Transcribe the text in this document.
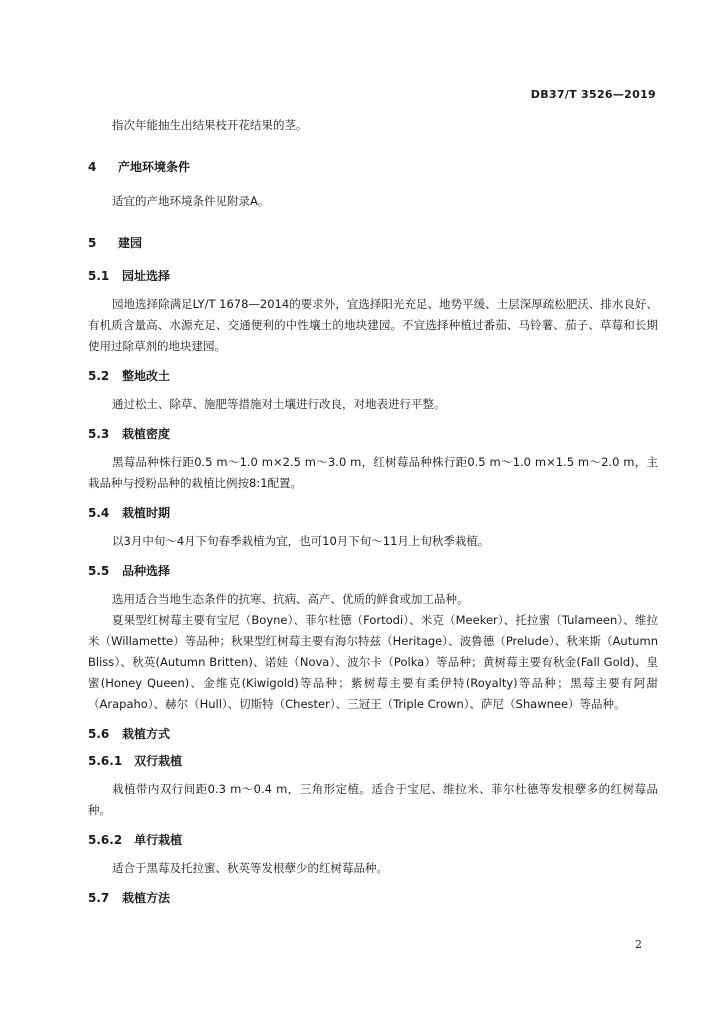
DB37/T 3526—2019

指次年能抽生出结果枝开花结果的茎。

4 产地环境条件

适宜的产地环境条件见附录A。

5 建园
5.1 园址选择

园地选择除满足LY/T 1678—2014的要求外，宜选择阳光充足、地势平缓、土层深厚疏松肥沃、排水良好、有机质含量高、水源充足、交通便利的中性壤土的地块建园。不宜选择种植过番茄、马铃薯、茄子、草莓和长期使用过除草剂的地块建园。

5.2 整地改土

通过松土、除草、施肥等措施对土壤进行改良，对地表进行平整。

5.3 栽植密度

黑莓品种株行距0.5 m～1.0 m×2.5 m～3.0 m，红树莓品种株行距0.5 m～1.0 m×1.5 m～2.0 m，主栽品种与授粉品种的栽植比例按8:1配置。

5.4 栽植时期

以3月中旬～4月下旬春季栽植为宜，也可10月下旬～11月上旬秋季栽植。

5.5 品种选择

选用适合当地生态条件的抗寒、抗病、高产、优质的鲜食或加工品种。

夏果型红树莓主要有宝尼（Boyne）、菲尔杜德（Fortodi）、米克（Meeker）、托拉蜜（Tulameen）、维拉米（Willamette）等品种；秋果型红树莓主要有海尔特兹（Heritage）、波鲁德（Prelude）、秋来斯（Autumn Bliss）、秋英(Autumn Britten)、诺娃（Nova）、波尔卡（Polka）等品种；黄树莓主要有秋金(Fall Gold)、皇蜜(Honey Queen)、金维克(Kiwigold)等品种；紫树莓主要有柔伊特(Royalty)等品种；黑莓主要有阿甜（Arapaho）、赫尔（Hull）、切斯特（Chester）、三冠王（Triple Crown）、萨尼（Shawnee）等品种。

5.6 栽植方式
5.6.1 双行栽植

栽植带内双行间距0.3 m～0.4 m，三角形定植。适合于宝尼、维拉米、菲尔杜德等发根孽多的红树莓品种。

5.6.2 单行栽植

适合于黑莓及托拉蜜、秋英等发根孽少的红树莓品种。

5.7 栽植方法
2
